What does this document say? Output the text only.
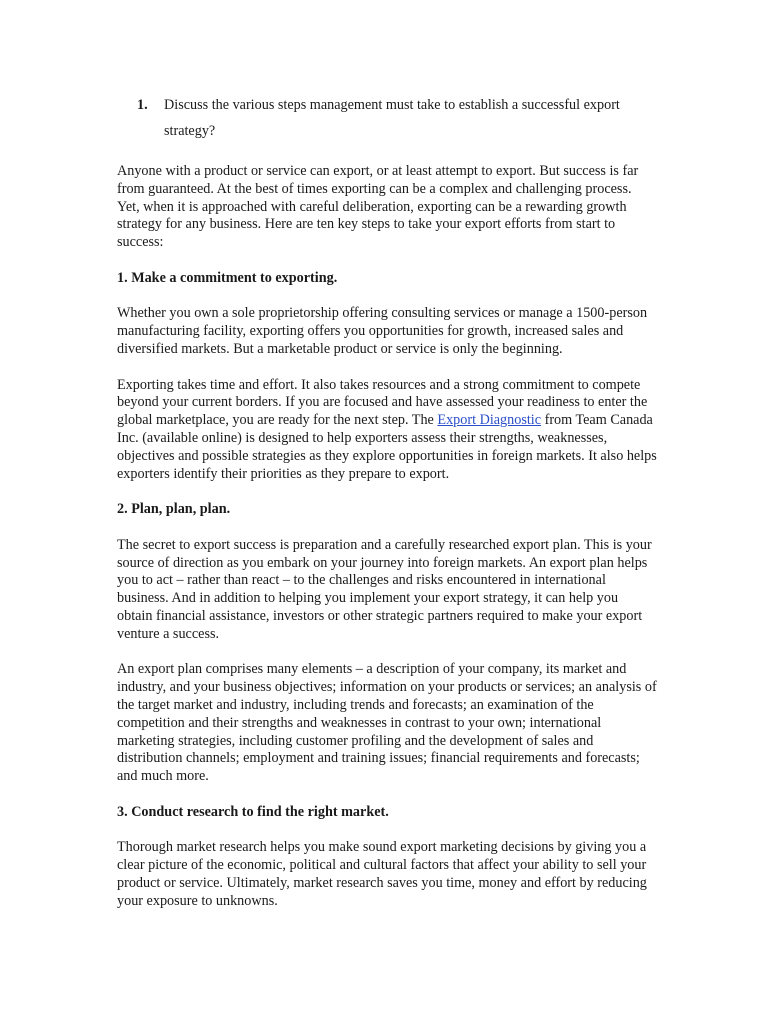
1. Discuss the various steps management must take to establish a successful export strategy?

Anyone with a product or service can export, or at least attempt to export. But success is far from guaranteed. At the best of times exporting can be a complex and challenging process. Yet, when it is approached with careful deliberation, exporting can be a rewarding growth strategy for any business. Here are ten key steps to take your export efforts from start to success:

1. Make a commitment to exporting.

Whether you own a sole proprietorship offering consulting services or manage a 1500-person manufacturing facility, exporting offers you opportunities for growth, increased sales and diversified markets. But a marketable product or service is only the beginning.

Exporting takes time and effort. It also takes resources and a strong commitment to compete beyond your current borders. If you are focused and have assessed your readiness to enter the global marketplace, you are ready for the next step. The Export Diagnostic from Team Canada Inc. (available online) is designed to help exporters assess their strengths, weaknesses, objectives and possible strategies as they explore opportunities in foreign markets. It also helps exporters identify their priorities as they prepare to export.

2. Plan, plan, plan.

The secret to export success is preparation and a carefully researched export plan. This is your source of direction as you embark on your journey into foreign markets. An export plan helps you to act – rather than react – to the challenges and risks encountered in international business. And in addition to helping you implement your export strategy, it can help you obtain financial assistance, investors or other strategic partners required to make your export venture a success.

An export plan comprises many elements – a description of your company, its market and industry, and your business objectives; information on your products or services; an analysis of the target market and industry, including trends and forecasts; an examination of the competition and their strengths and weaknesses in contrast to your own; international marketing strategies, including customer profiling and the development of sales and distribution channels; employment and training issues; financial requirements and forecasts; and much more.

3. Conduct research to find the right market.

Thorough market research helps you make sound export marketing decisions by giving you a clear picture of the economic, political and cultural factors that affect your ability to sell your product or service. Ultimately, market research saves you time, money and effort by reducing your exposure to unknowns.
